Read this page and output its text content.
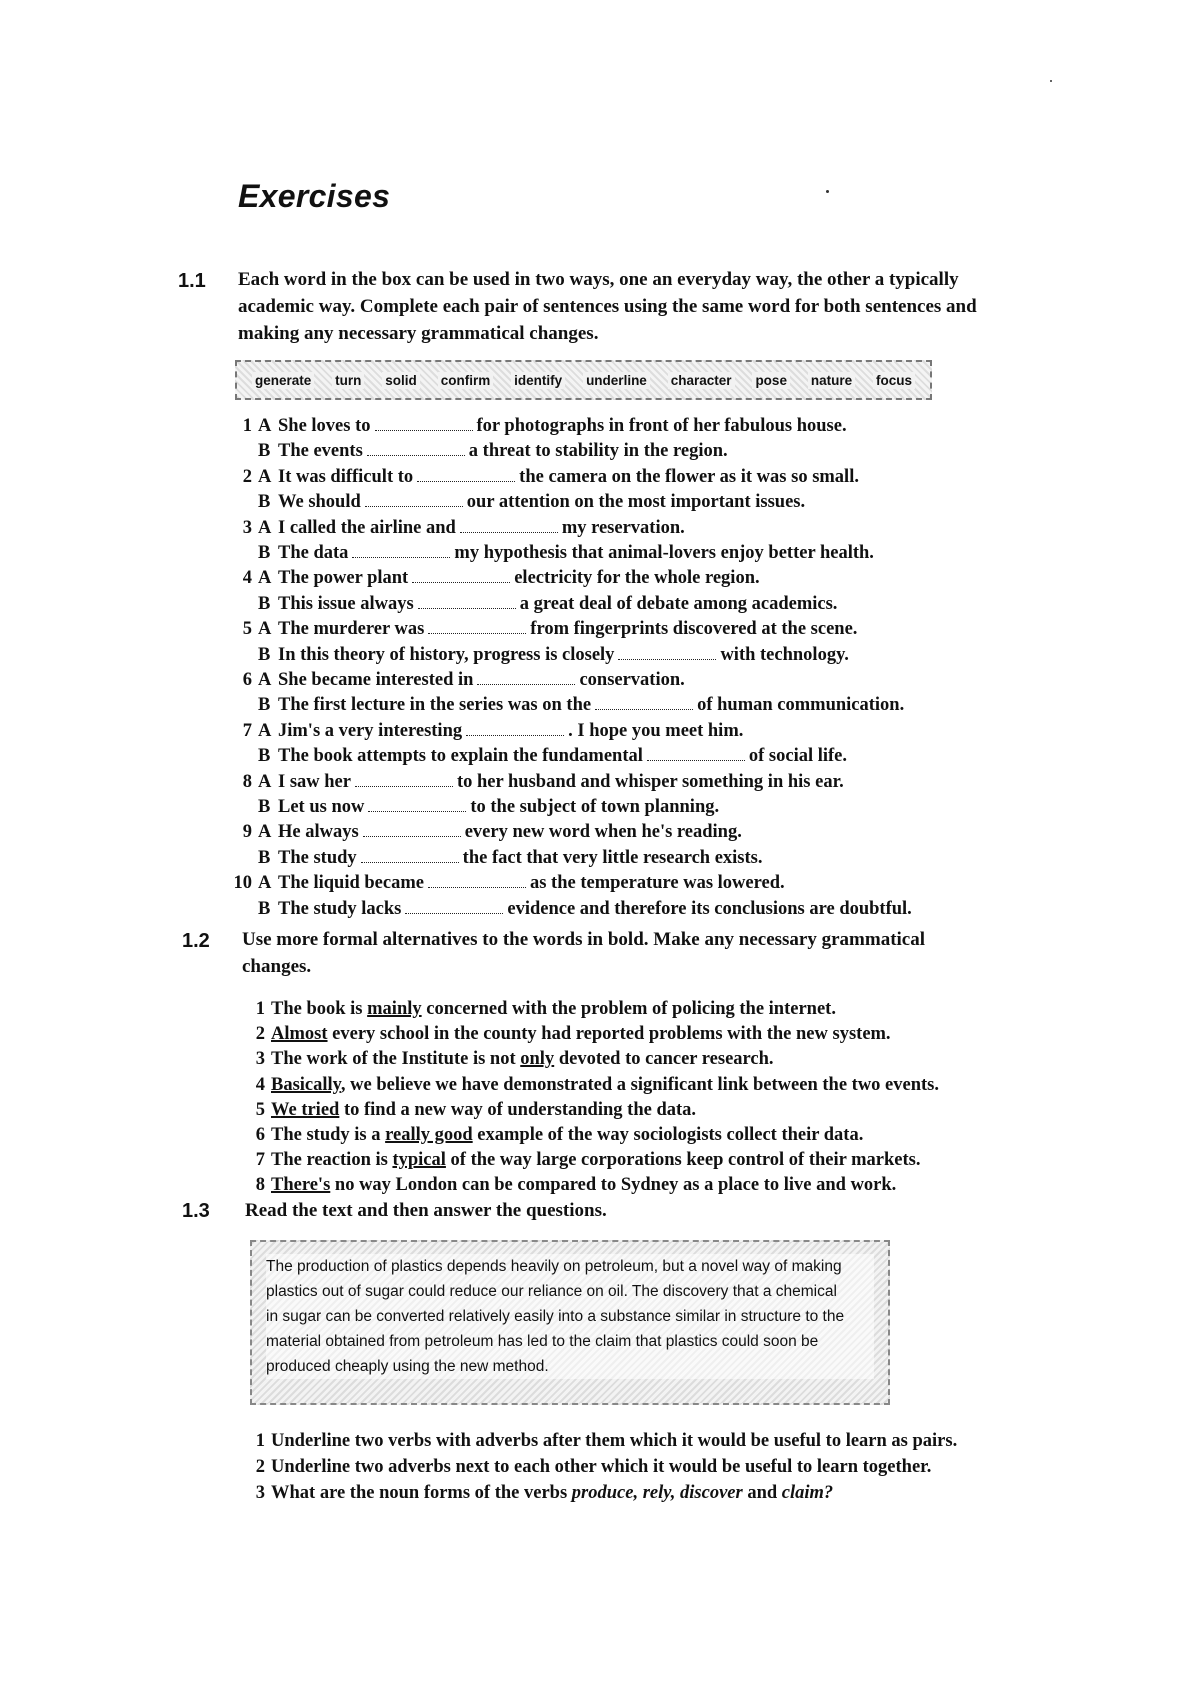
Exercises
1.1 Each word in the box can be used in two ways, one an everyday way, the other a typically
academic way. Complete each pair of sentences using the same word for both sentences and
making any necessary grammatical changes.
generate turn solid confirm identify underline character pose nature focus
1 A She loves to	for photographs in front of her fabulous house.
B The events	a threat to stability in the region.
2 A It was difficult to	the camera on the flower as it was so small.
B We should	our attention on the most important issues.
3 A I called the airline and	my reservation.
B The data	my hypothesis that animal-lovers enjoy better health.
4 A The power plant	electricity for the whole region.
B This issue always	a great deal of debate among academics.
5 A The murderer was	from fingerprints discovered at the scene.
B In this theory of history, progress is closely	with technology.
6 A She became interested in	conservation.
B The first lecture in the series was on the	of human communication.
7 A Jim's a very interesting	. I hope you meet him.
B The book attempts to explain the fundamental	of social life.
8 A I saw her	to her husband and whisper something in his ear.
B Let us now	to the subject of town planning.
9 A He always	every new word when he's reading.
B The study	the fact that very little research exists.
10 A The liquid became	as the temperature was lowered.
B The study lacks	evidence and therefore its conclusions are doubtful.
1.2 Use more formal alternatives to the words in bold. Make any necessary grammatical
changes.
1 The book is mainly concerned with the problem of policing the internet.
2 Almost every school in the county had reported problems with the new system.
3 The work of the Institute is not only devoted to cancer research.
4 Basically, we believe we have demonstrated a significant link between the two events.
5 We tried to find a new way of understanding the data.
6 The study is a really good example of the way sociologists collect their data.
7 The reaction is typical of the way large corporations keep control of their markets.
8 There's no way London can be compared to Sydney as a place to live and work.
1.3 Read the text and then answer the questions.

The production of plastics depends heavily on petroleum, but a novel way of making

plastics out of sugar could reduce our reliance on oil. The discovery that a chemical

in sugar can be converted relatively easily into a substance similar in structure to the

material obtained from petroleum has led to the claim that plastics could soon be

produced cheaply using the new method.

1 Underline two verbs with adverbs after them which it would be useful to learn as pairs.
2 Underline two adverbs next to each other which it would be useful to learn together.
3 What are the noun forms of the verbs produce, rely, discover and claim?
